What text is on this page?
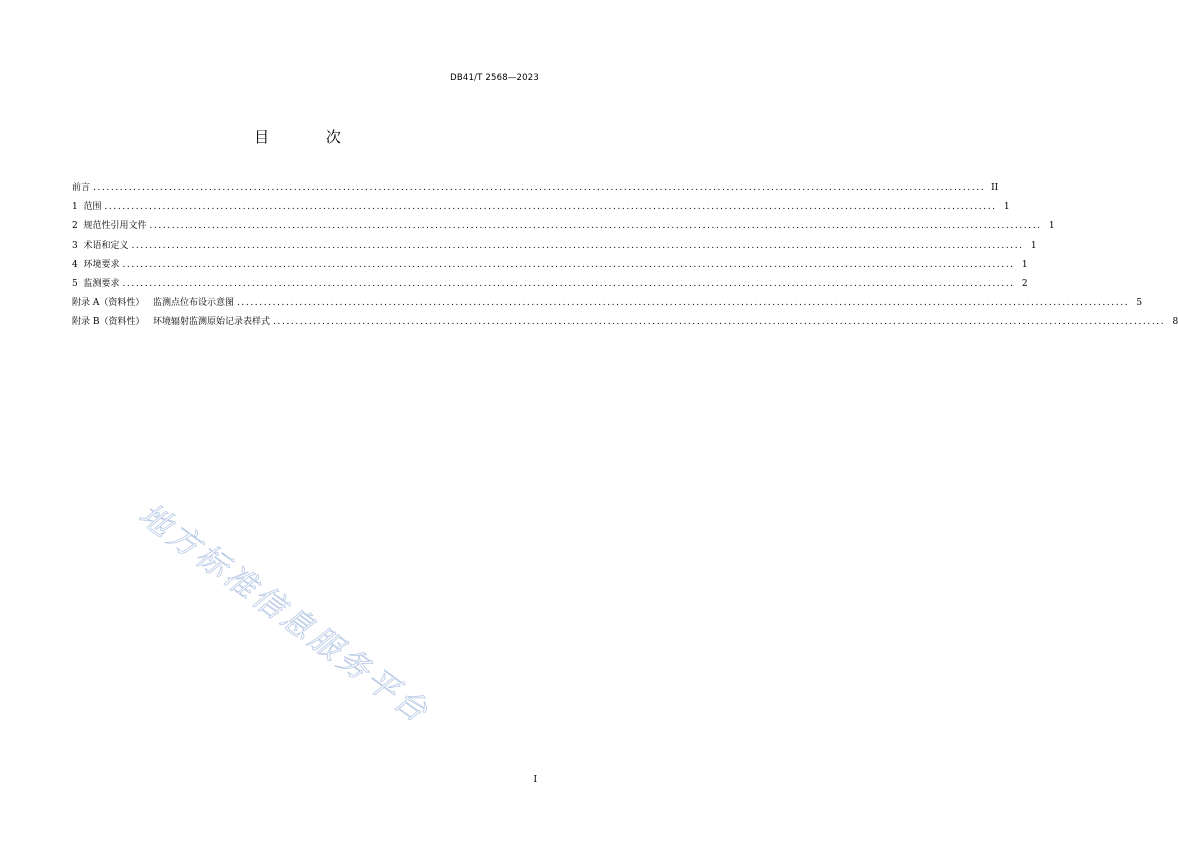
DB41/T 2568—2023
目 次
前言 ........................................................................................................................................................................................................ II
1  范围 ........................................................................................................................................................................................................ 1
2  规范性引用文件 ........................................................................................................................................................................................................ 1
3  术语和定义 ........................................................................................................................................................................................................ 1
4  环境要求 ........................................................................................................................................................................................................ 1
5  监测要求 ........................................................................................................................................................................................................ 2
附录 A（资料性）   监测点位布设示意图 ........................................................................................................................................................................................................ 5
附录 B（资料性）   环境辐射监测原始记录表样式 ........................................................................................................................................................................................................ 8
地方标准信息服务平台
I
